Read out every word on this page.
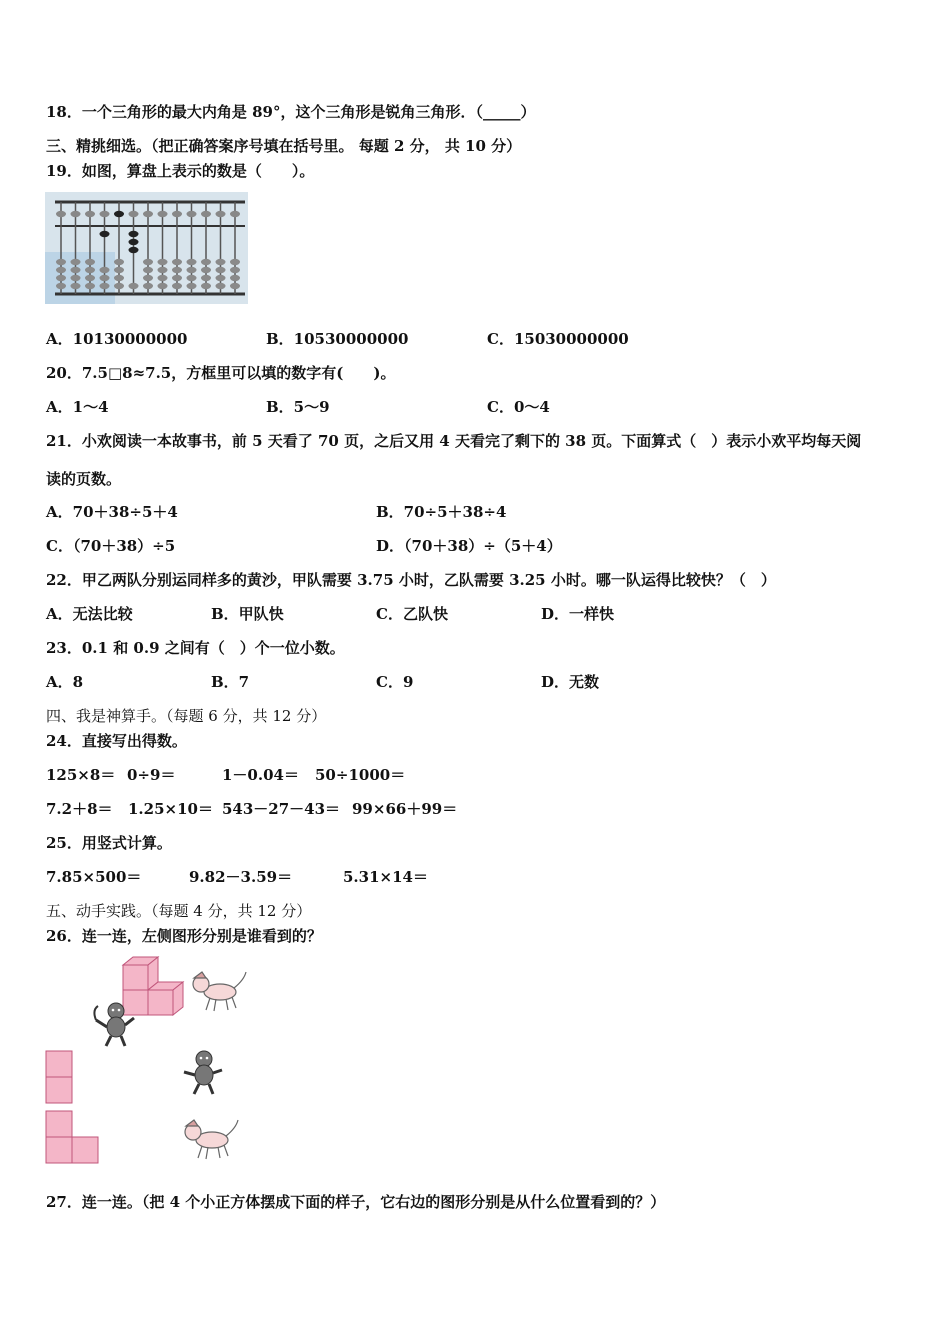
18．一个三角形的最大内角是 89°，这个三角形是锐角三角形．（_____）
三、精挑细选。（把正确答案序号填在括号里。 每题 2 分， 共 10 分）
19．如图，算盘上表示的数是（　　）。
A．10130000000	B．10530000000	C．15030000000
20．7.5□8≈7.5，方框里可以填的数字有(　　)。
A．1～4	B．5～9	C．0～4
21．小欢阅读一本故事书，前 5 天看了 70 页，之后又用 4 天看完了剩下的 38 页。下面算式（　）表示小欢平均每天阅
读的页数。
A．70＋38÷5＋4	B．70÷5＋38÷4
C．（70＋38）÷5	D．（70＋38）÷（5＋4）
22．甲乙两队分别运同样多的黄沙，甲队需要 3.75 小时，乙队需要 3.25 小时。哪一队运得比较快？（　）
A．无法比较	B．甲队快	C．乙队快	D．一样快
23．0.1 和 0.9 之间有（　）个一位小数。
A．8	B．7	C．9	D．无数
四、我是神算手。（每题 6 分，共 12 分）
24．直接写出得数。
125×8＝ 0÷9＝	1－0.04＝ 50÷1000＝
7.2＋8＝ 1.25×10＝ 543－27－43＝ 99×66＋99＝
25．用竖式计算。
7.85×500＝	9.82－3.59＝	5.31×14＝
五、动手实践。（每题 4 分，共 12 分）
26．连一连，左侧图形分别是谁看到的？
27．连一连。（把 4 个小正方体摆成下面的样子，它右边的图形分别是从什么位置看到的？）
